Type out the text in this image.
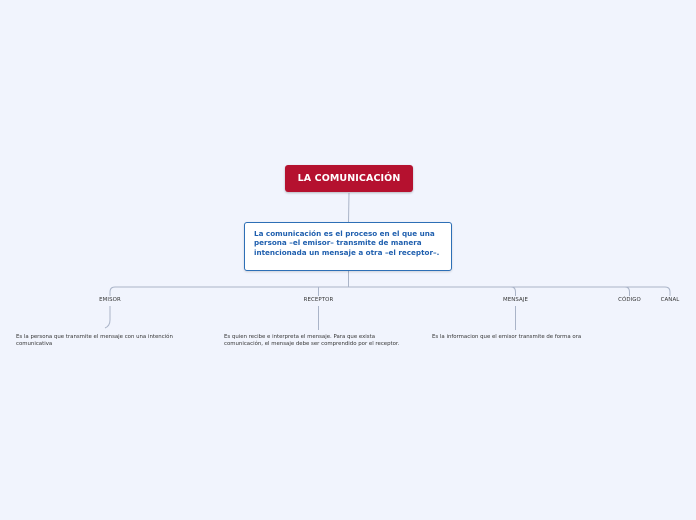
LA COMUNICACIÓN
La comunicación es el proceso en el que una persona –el emisor– transmite de manera intencionada un mensaje a otra –el receptor–.
EMISOR	RECEPTOR	MENSAJE	CÓDIGO	CANAL
Es la persona que transmite el mensaje con una intención comunicativa
Es quien recibe e interpreta el mensaje. Para que exista comunicación, el mensaje debe ser comprendido por el receptor.
Es la informacion que el emisor transmite de forma ora
